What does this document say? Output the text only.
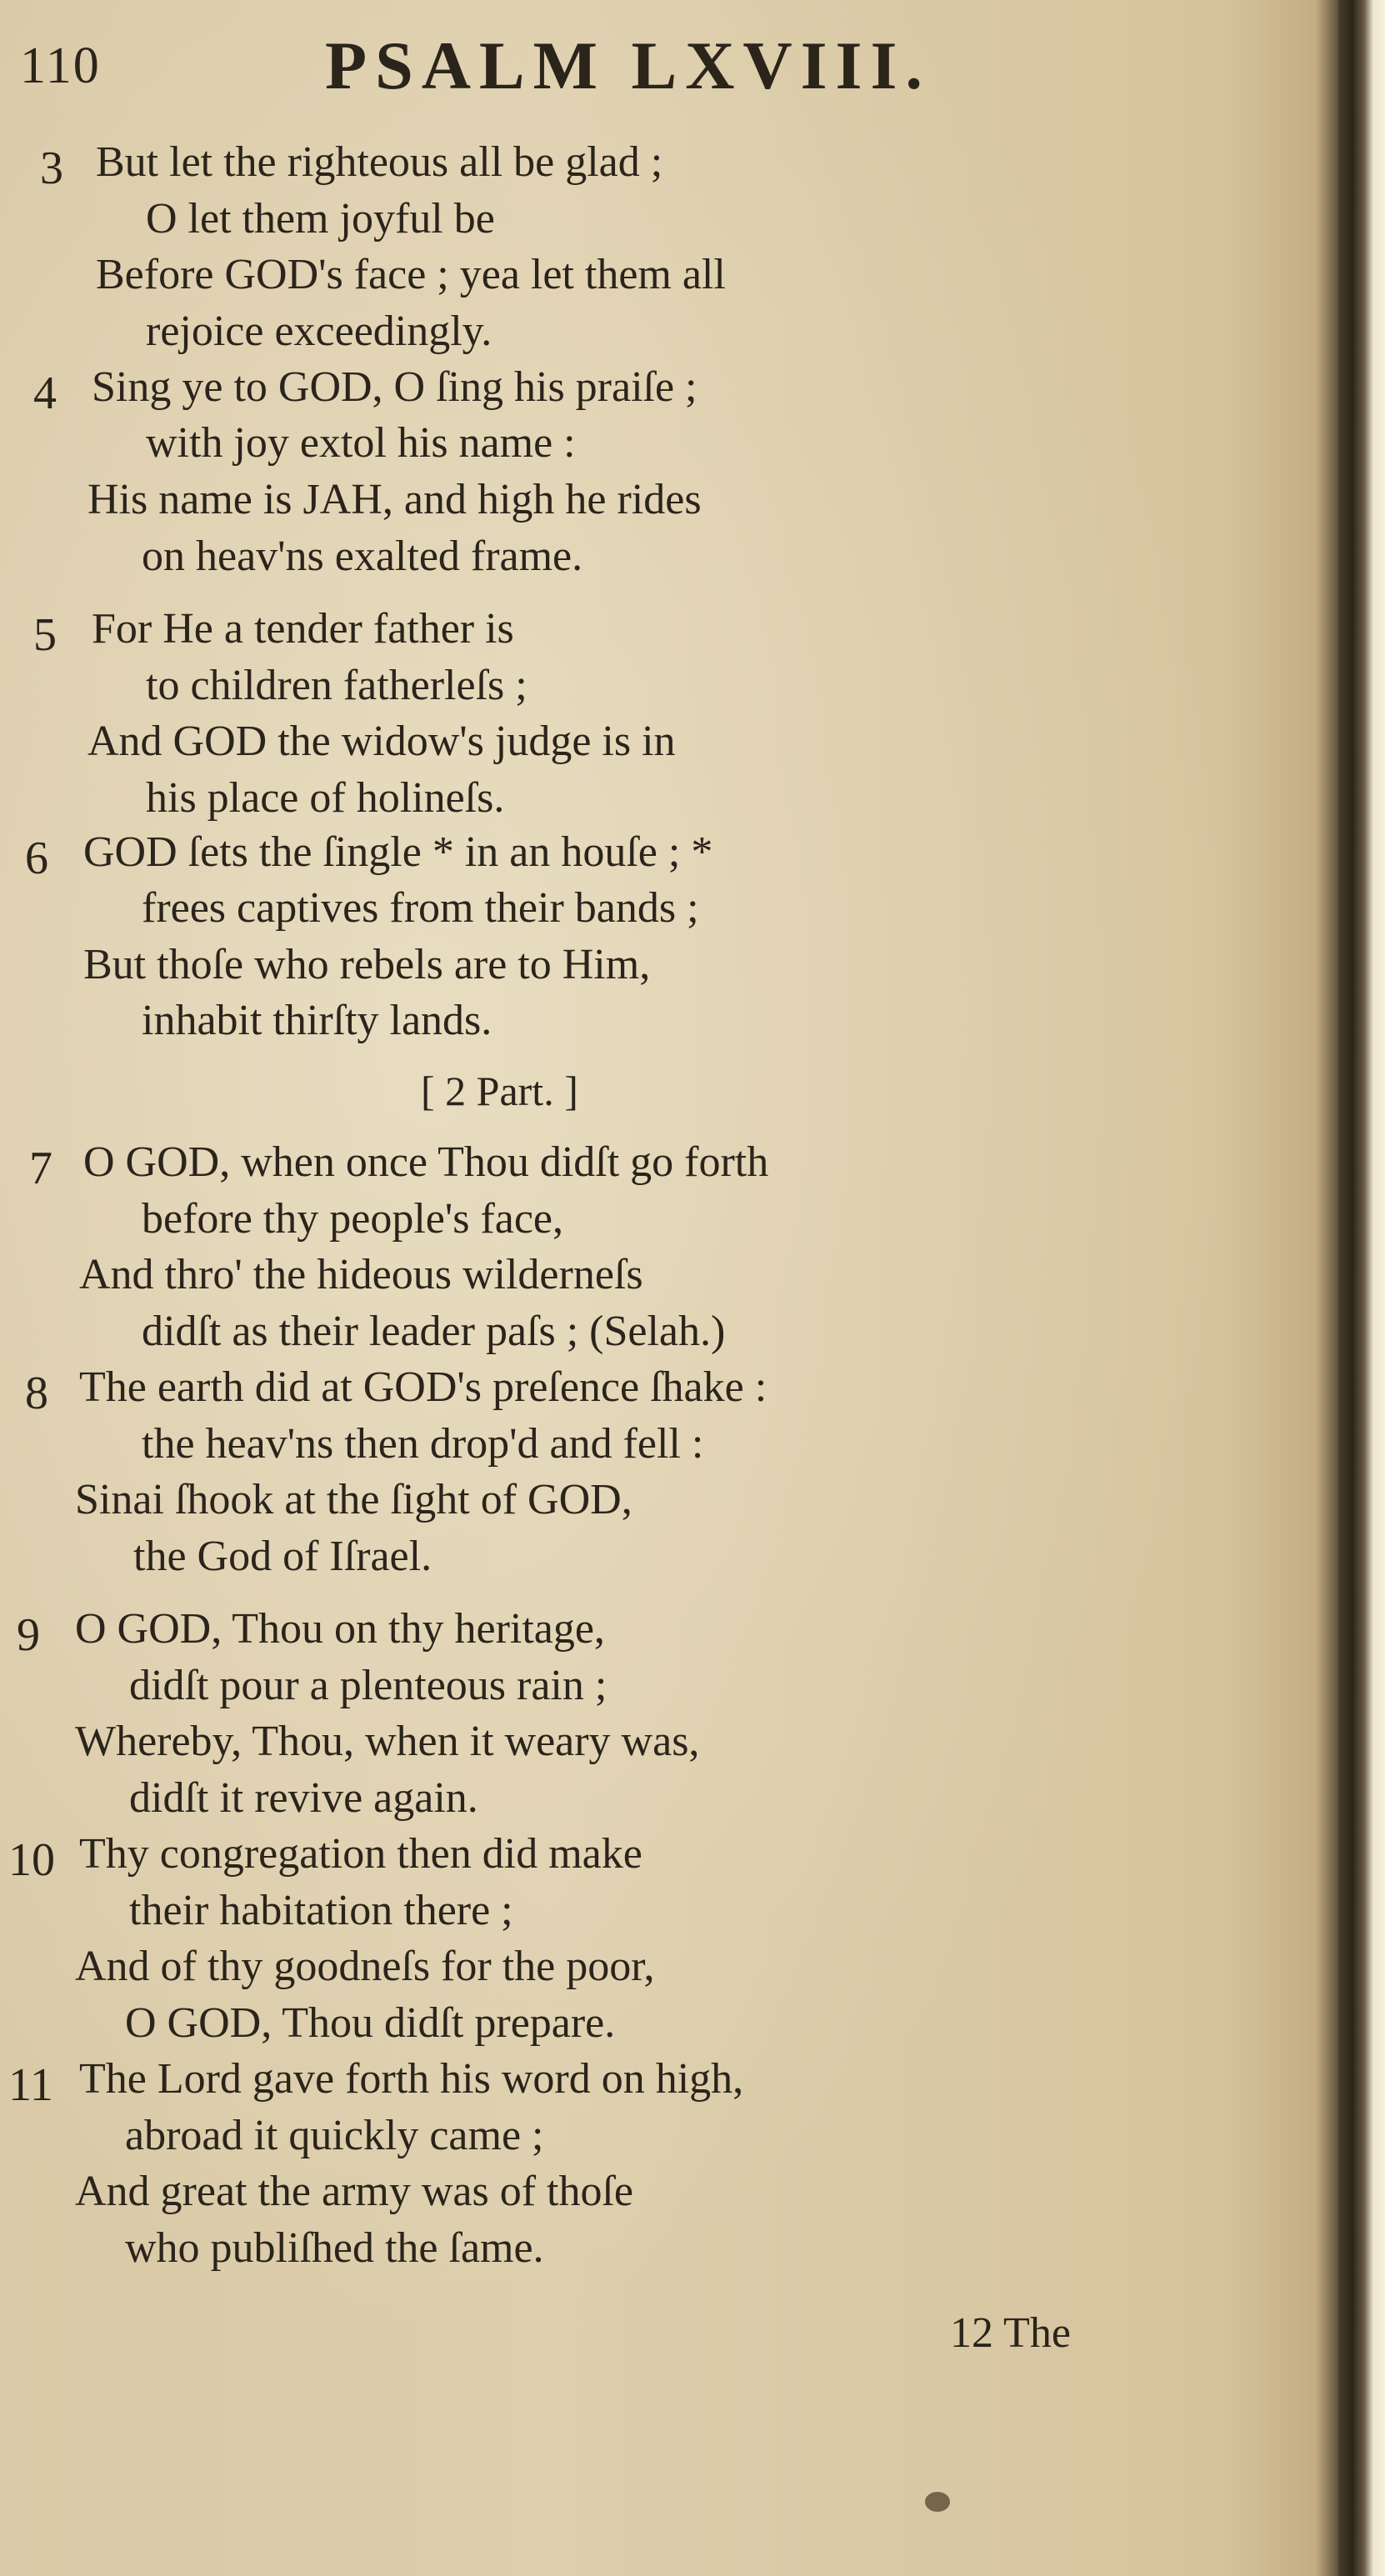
110	PSALM LXVIII.
3 But let the righteous all be glad ;
O let them joyful be
Before GOD's face ; yea let them all
rejoice exceedingly.
4 Sing ye to GOD, O ſing his praiſe ;
with joy extol his name :
His name is JAH, and high he rides
on heav'ns exalted frame.
5 For He a tender father is
to children fatherleſs ;
And GOD the widow's judge is in
his place of holineſs.
6 GOD ſets the ſingle * in an houſe ; *
frees captives from their bands ;
But thoſe who rebels are to Him,
inhabit thirſty lands.
[ 2 Part. ]
7 O GOD, when once Thou didſt go forth
before thy people's face,
And thro' the hideous wilderneſs
didſt as their leader paſs ; (Selah.)
8 The earth did at GOD's preſence ſhake :
the heav'ns then drop'd and fell :
Sinai ſhook at the ſight of GOD,
the God of Iſrael.
9 O GOD, Thou on thy heritage,
didſt pour a plenteous rain ;
Whereby, Thou, when it weary was,
didſt it revive again.
10 Thy congregation then did make
their habitation there ;
And of thy goodneſs for the poor,
O GOD, Thou didſt prepare.
11 The Lord gave forth his word on high,
abroad it quickly came ;
And great the army was of thoſe
who publiſhed the ſame.
12 The
